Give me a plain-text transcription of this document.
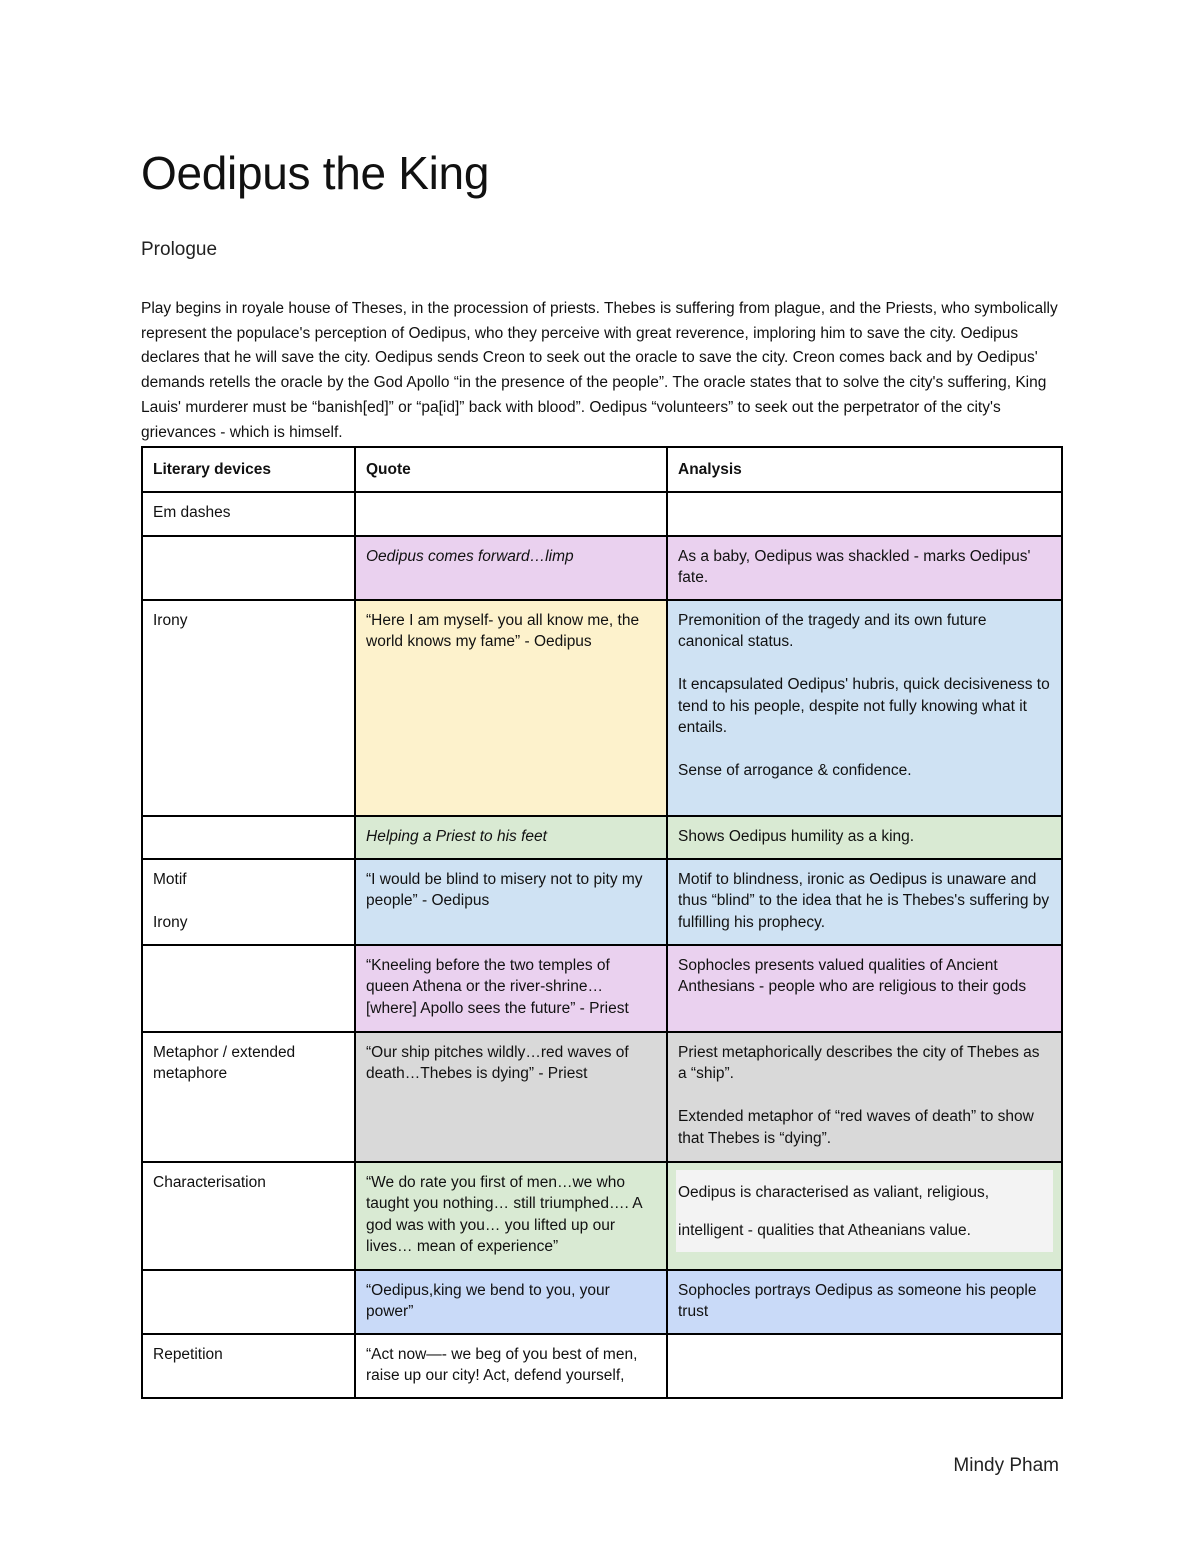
Oedipus the King
Prologue

Play begins in royale house of Theses, in the procession of priests. Thebes is suffering from plague, and the Priests, who symbolically represent the populace's perception of Oedipus, who they perceive with great reverence, imploring him to save the city. Oedipus declares that he will save the city. Oedipus sends Creon to seek out the oracle to save the city. Creon comes back and by Oedipus' demands retells the oracle by the God Apollo “in the presence of the people”. The oracle states that to solve the city's suffering, King Lauis' murderer must be “banish[ed]” or “pa[id]” back with blood”. Oedipus “volunteers” to seek out the perpetrator of the city's grievances - which is himself.

Literary devices	Quote	Analysis
Em dashes		
	Oedipus comes forward…limp	As a baby, Oedipus was shackled - marks Oedipus' fate.

Irony	“Here I am myself- you all know me, the world knows my fame” - Oedipus	Premonition of the tragedy and its own future canonical status.
It encapsulated Oedipus' hubris, quick decisiveness to tend to his people, despite not fully knowing what it entails.
Sense of arrogance & confidence.

	Helping a Priest to his feet	Shows Oedipus humility as a king.

Motif
Irony	“I would be blind to misery not to pity my people” - Oedipus	Motif to blindness, ironic as Oedipus is unaware and thus “blind” to the idea that he is Thebes's suffering by fulfilling his prophecy.

	“Kneeling before the two temples of queen Athena or the river-shrine… [where] Apollo sees the future” - Priest	Sophocles presents valued qualities of Ancient Anthesians - people who are religious to their gods

Metaphor / extended metaphore	“Our ship pitches wildly…red waves of death…Thebes is dying” - Priest	Priest metaphorically describes the city of Thebes as a “ship”.
Extended metaphor of “red waves of death” to show that Thebes is “dying”.

Characterisation	“We do rate you first of men…we who taught you nothing… still triumphed…. A god was with you… you lifted up our lives… mean of experience”	Oedipus is characterised as valiant, religious, intelligent - qualities that Atheanians value.

	“Oedipus,king we bend to you, your power”	Sophocles portrays Oedipus as someone his people trust

Repetition	“Act now—- we beg of you best of men, raise up our city! Act, defend yourself,	
Mindy Pham
